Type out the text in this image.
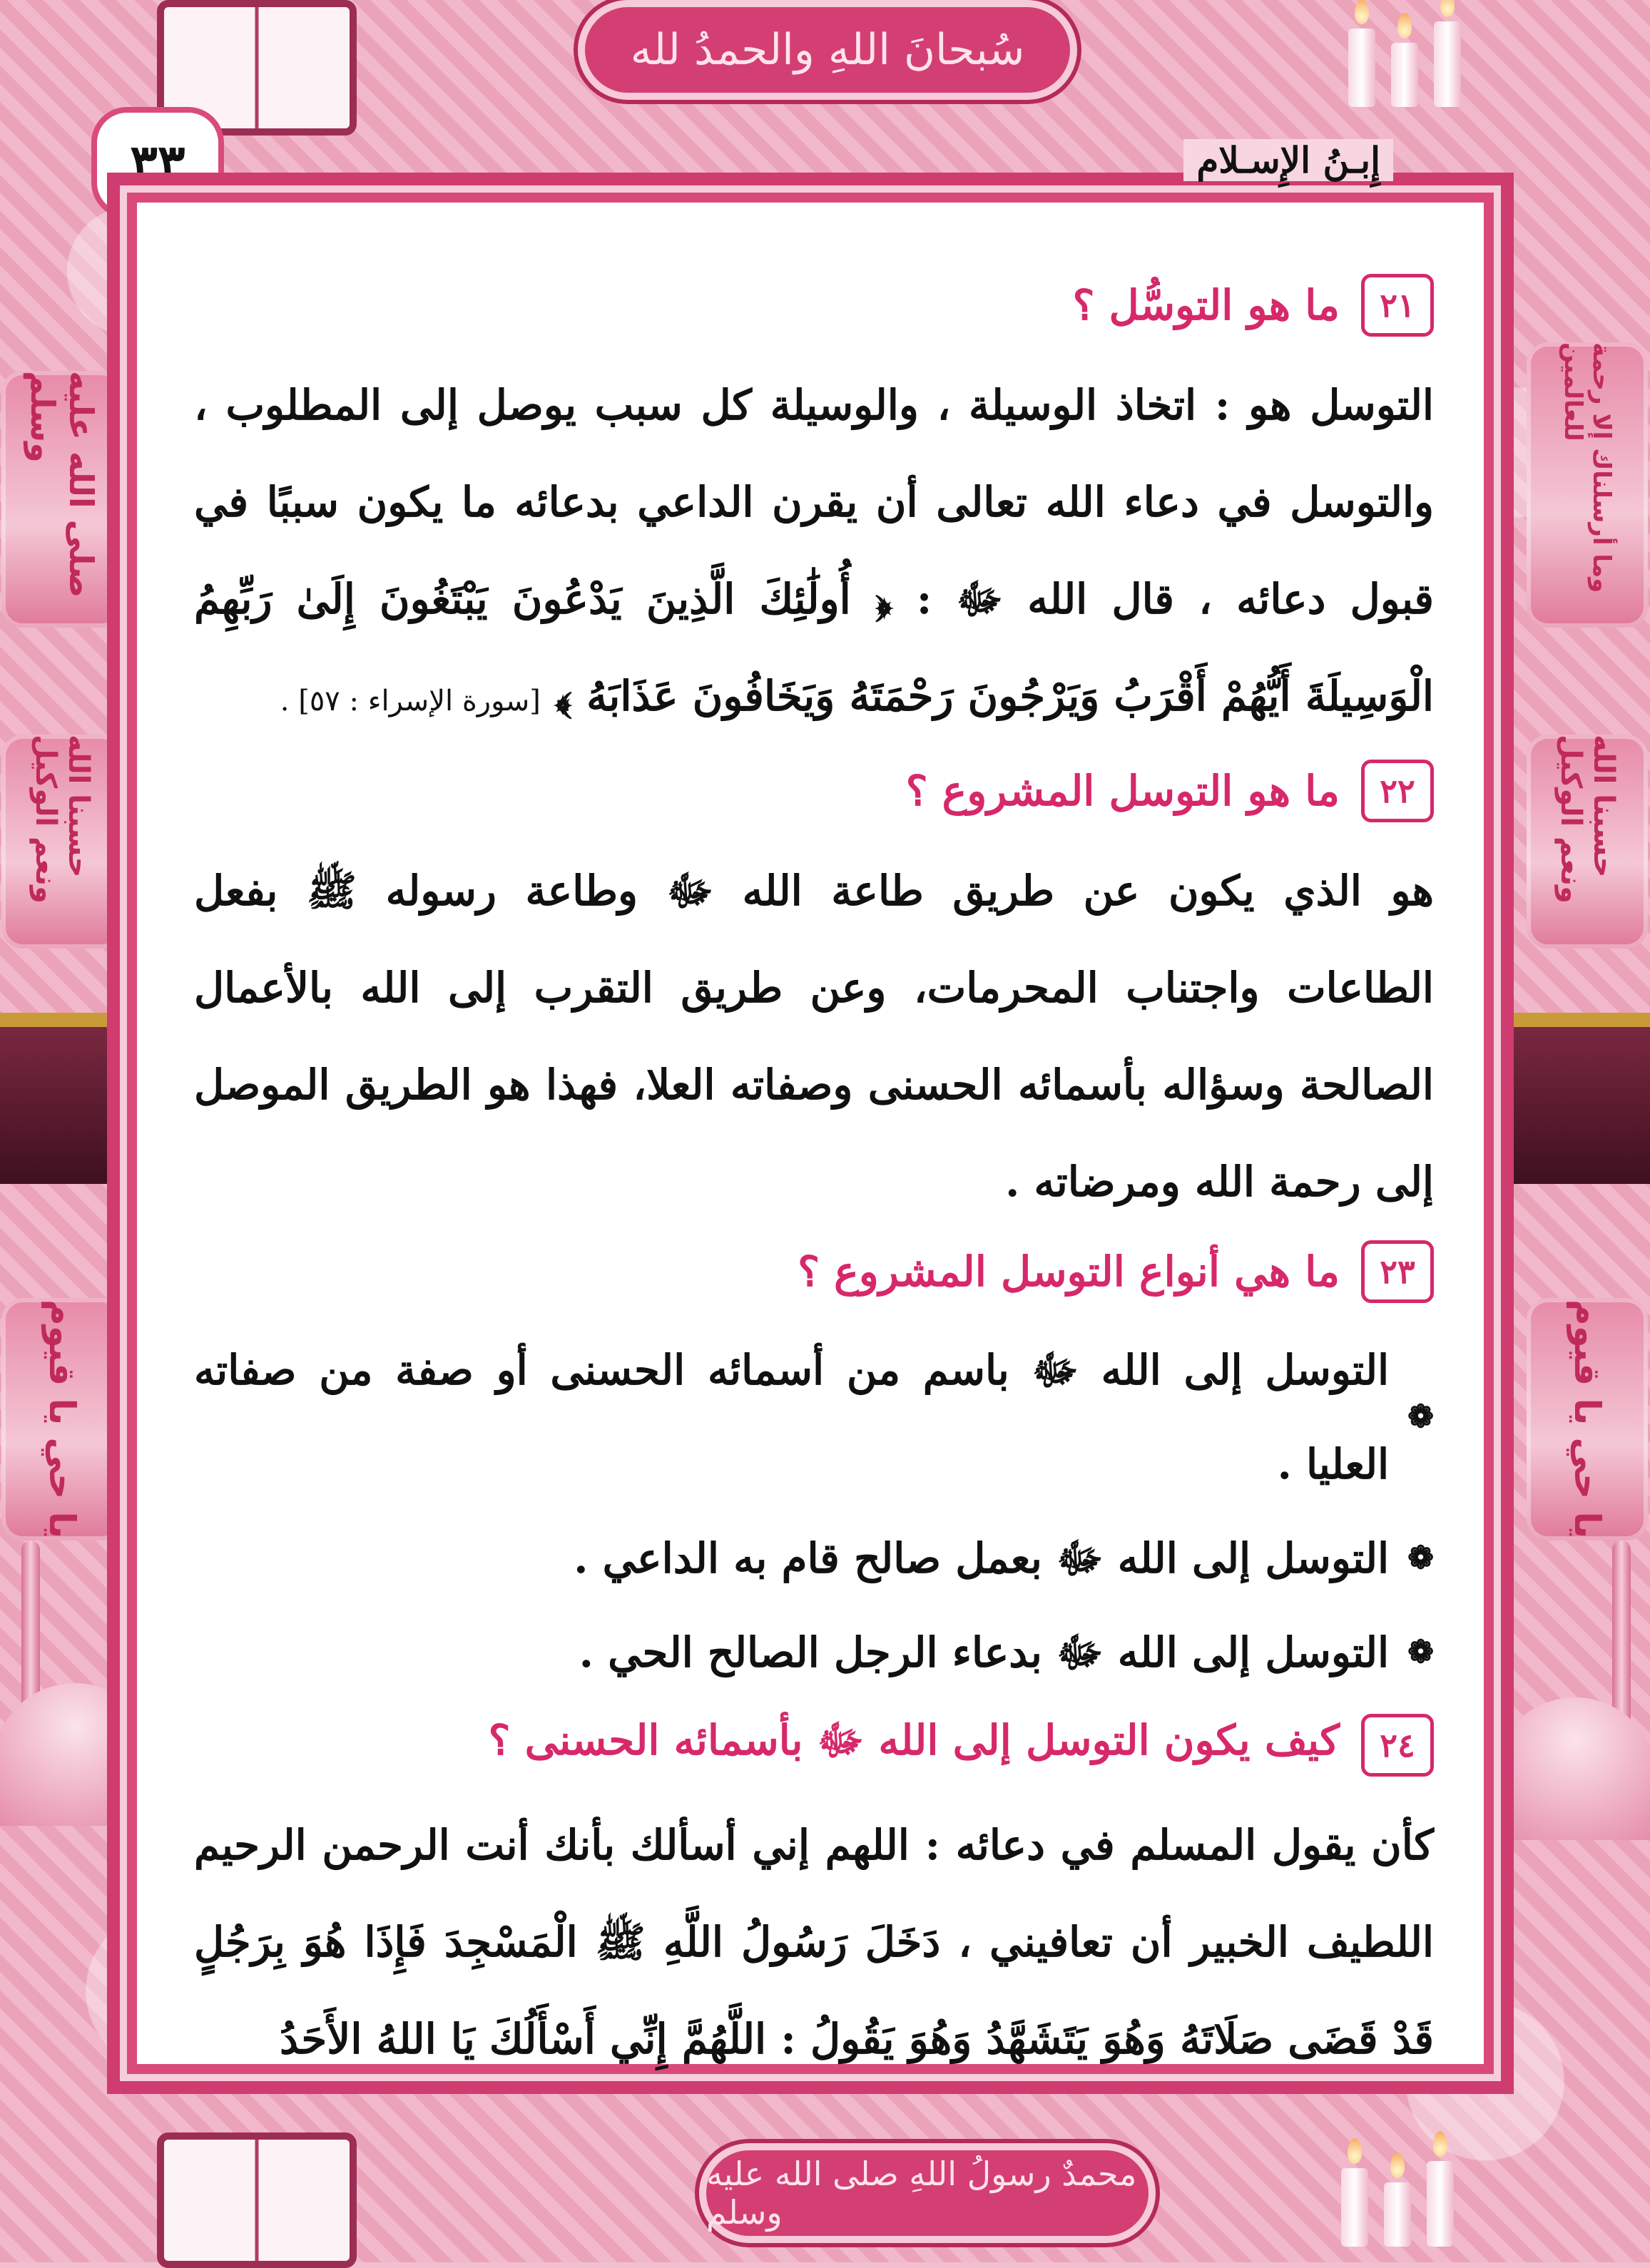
صلى الله عليه وسلم
حسبنا الله ونعم الوكيل
يا حي يا قيوم
وما أرسلناك إلا رحمة للعالمين
حسبنا الله ونعم الوكيل
يا حي يا قيوم
سُبحانَ اللهِ والحمدُ لله
محمدٌ رسولُ اللهِ صلى الله عليه وسلم
٣٣
٢١
ما هو التوسُّل ؟

التوسل هو : اتخاذ الوسيلة ، والوسيلة كل سبب يوصل إلى المطلوب ، والتوسل في دعاء الله تعالى أن يقرن الداعي بدعائه ما يكون سببًا في قبول دعائه ، قال الله ﷻ : ﴿ أُولَٰئِكَ الَّذِينَ يَدْعُونَ يَبْتَغُونَ إِلَىٰ رَبِّهِمُ الْوَسِيلَةَ أَيُّهُمْ أَقْرَبُ وَيَرْجُونَ رَحْمَتَهُ وَيَخَافُونَ عَذَابَهُ ﴾ [سورة الإسراء : ٥٧] .

٢٢
ما هو التوسل المشروع ؟

هو الذي يكون عن طريق طاعة الله ﷻ وطاعة رسوله ﷺ بفعل الطاعات واجتناب المحرمات، وعن طريق التقرب إلى الله بالأعمال الصالحة وسؤاله بأسمائه الحسنى وصفاته العلا، فهذا هو الطريق الموصل إلى رحمة الله ومرضاته .

٢٣
ما هي أنواع التوسل المشروع ؟
❁
التوسل إلى الله ﷻ باسم من أسمائه الحسنى أو صفة من صفاته العليا .
❁
التوسل إلى الله ﷻ بعمل صالح قام به الداعي .
❁
التوسل إلى الله ﷻ بدعاء الرجل الصالح الحي .
٢٤
كيف يكون التوسل إلى الله ﷻ بأسمائه الحسنى ؟

كأن يقول المسلم في دعائه : اللهم إني أسألك بأنك أنت الرحمن الرحيم اللطيف الخبير أن تعافيني ، دَخَلَ رَسُولُ اللَّهِ ﷺ الْمَسْجِدَ فَإِذَا هُوَ بِرَجُلٍ قَدْ قَضَى صَلَاتَهُ وَهُوَ يَتَشَهَّدُ وَهُوَ يَقُولُ : اللَّهُمَّ إِنِّي أَسْأَلُكَ يَا اللهُ الأَحَدُ

إِبـنُ الإِسـلام
